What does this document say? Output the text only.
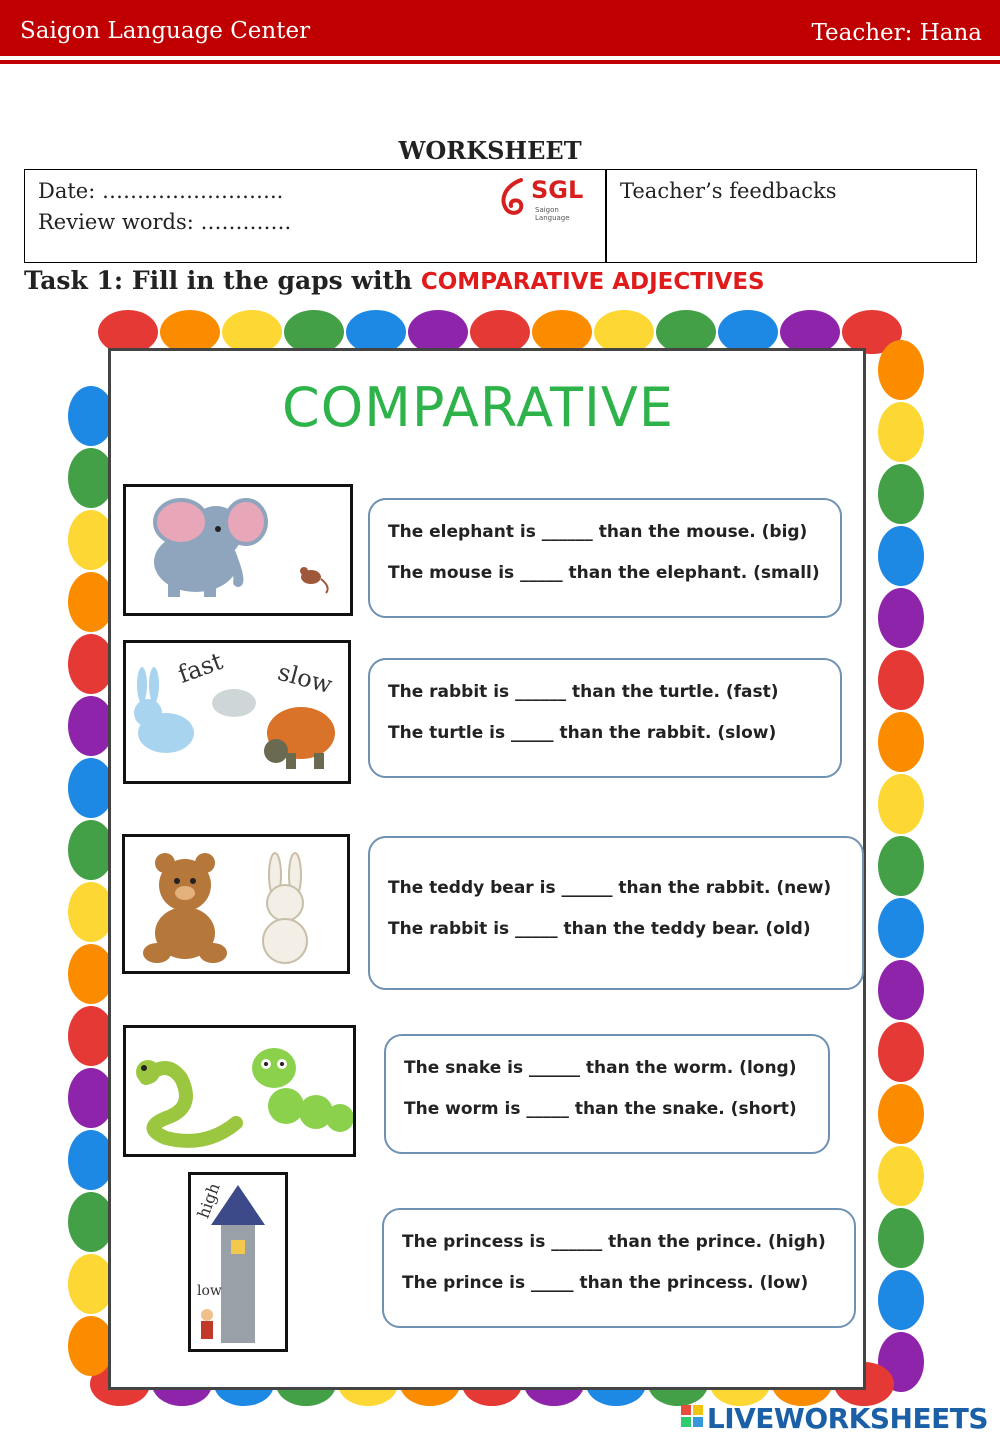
Saigon Language Center	Teacher: Hana
WORKSHEET
Date: ……………………..
Review words: ………….
SGL
Saigon Language
Teacher’s feedbacks
Task 1: Fill in the gaps with COMPARATIVE ADJECTIVES
COMPARATIVE
The elephant is ______ than the mouse. (big)
The mouse is _____ than the elephant. (small)
fast slow	The rabbit is ______ than the turtle. (fast)
The turtle is _____ than the rabbit. (slow)
The teddy bear is ______ than the rabbit. (new)
The rabbit is _____ than the teddy bear. (old)
The snake is ______ than the worm. (long)
The worm is _____ than the snake. (short)
high
low
The princess is ______ than the prince. (high)
The prince is _____ than the princess. (low)
LIVEWORKSHEETS
